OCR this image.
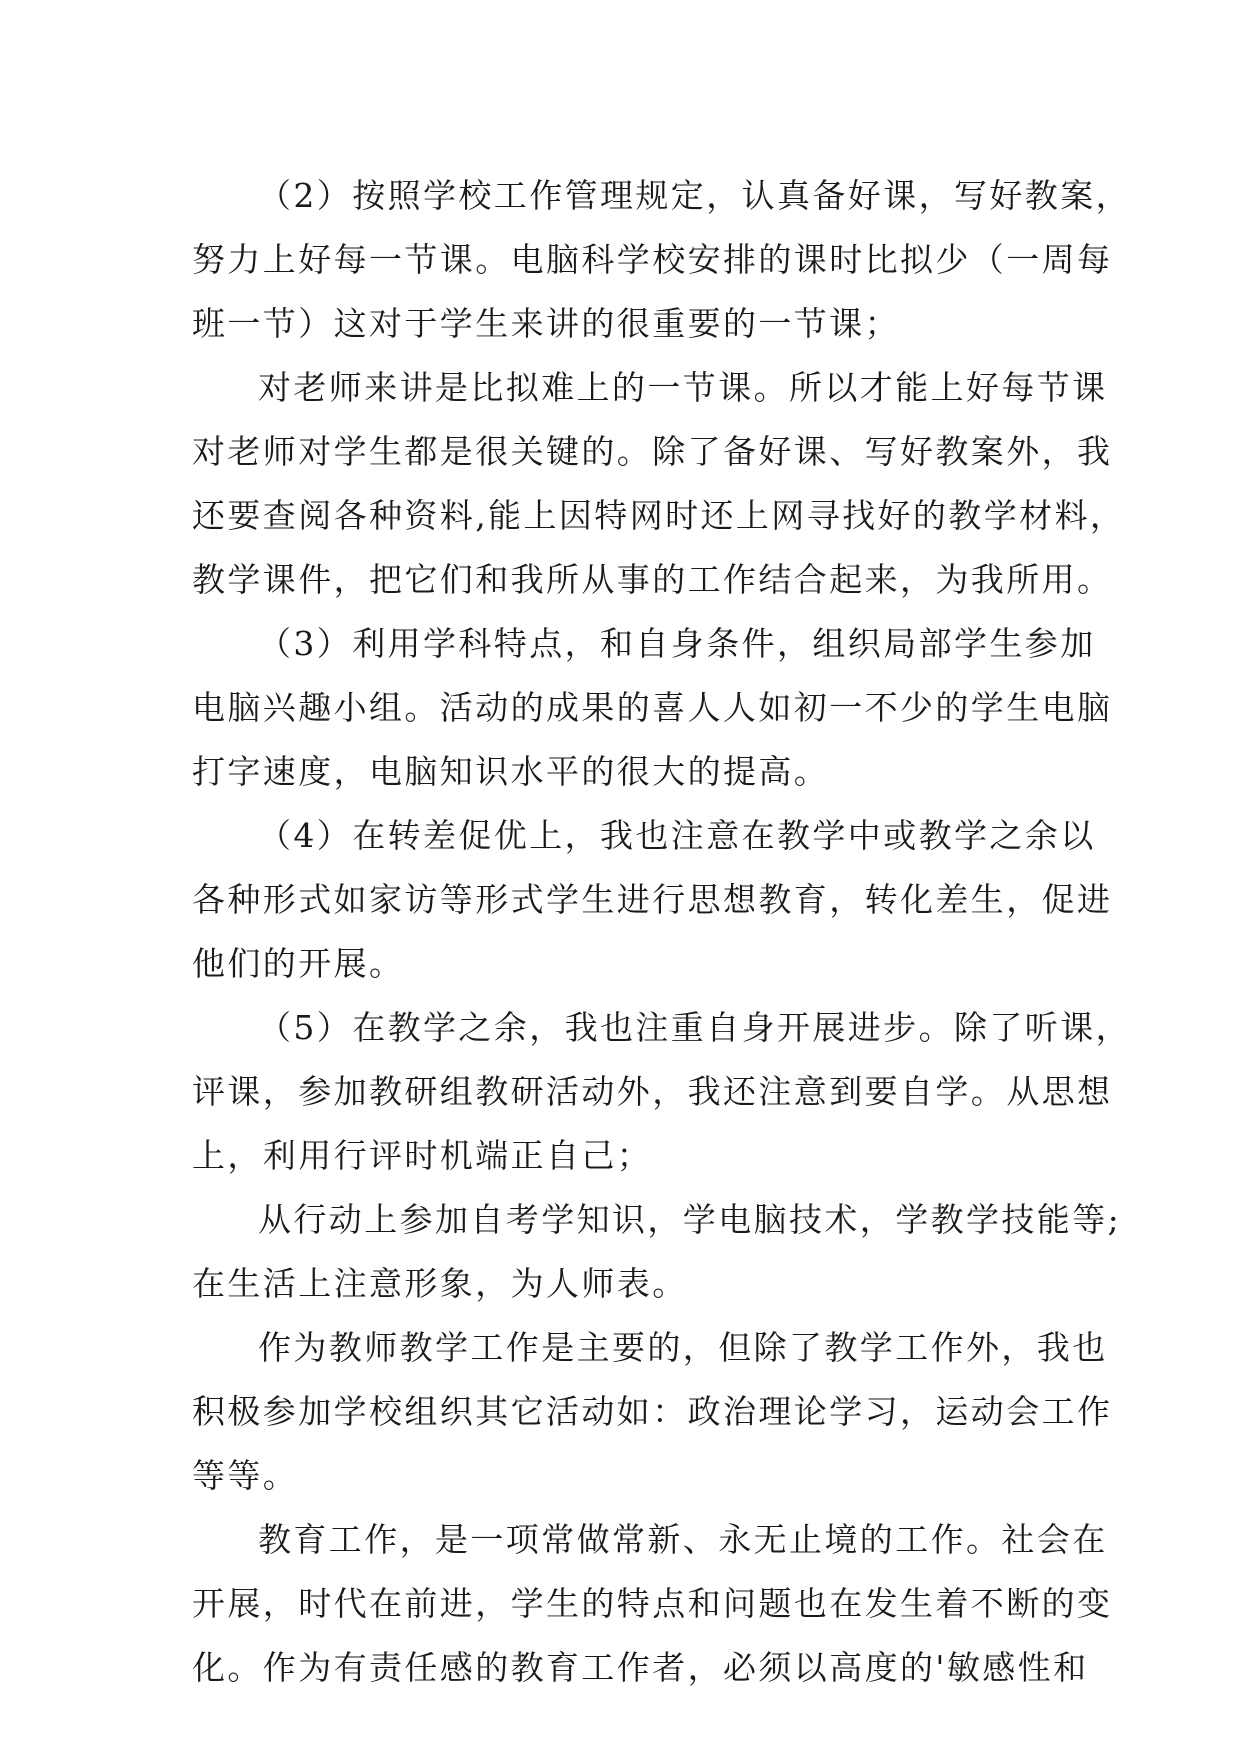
（2）按照学校工作管理规定，认真备好课，写好教案，
努力上好每一节课。电脑科学校安排的课时比拟少（一周每
班一节）这对于学生来讲的很重要的一节课；
对老师来讲是比拟难上的一节课。所以才能上好每节课
对老师对学生都是很关键的。除了备好课、写好教案外，我
还要查阅各种资料,能上因特网时还上网寻找好的教学材料，
教学课件，把它们和我所从事的工作结合起来，为我所用。
（3）利用学科特点，和自身条件，组织局部学生参加
电脑兴趣小组。活动的成果的喜人人如初一不少的学生电脑
打字速度，电脑知识水平的很大的提高。
（4）在转差促优上，我也注意在教学中或教学之余以
各种形式如家访等形式学生进行思想教育，转化差生，促进
他们的开展。
（5）在教学之余，我也注重自身开展进步。除了听课，
评课，参加教研组教研活动外，我还注意到要自学。从思想
上，利用行评时机端正自己；
从行动上参加自考学知识，学电脑技术，学教学技能等;
在生活上注意形象，为人师表。
作为教师教学工作是主要的，但除了教学工作外，我也
积极参加学校组织其它活动如：政治理论学习，运动会工作
等等。
教育工作，是一项常做常新、永无止境的工作。社会在
开展，时代在前进，学生的特点和问题也在发生着不断的变
化。作为有责任感的教育工作者，必须以高度的'敏感性和
